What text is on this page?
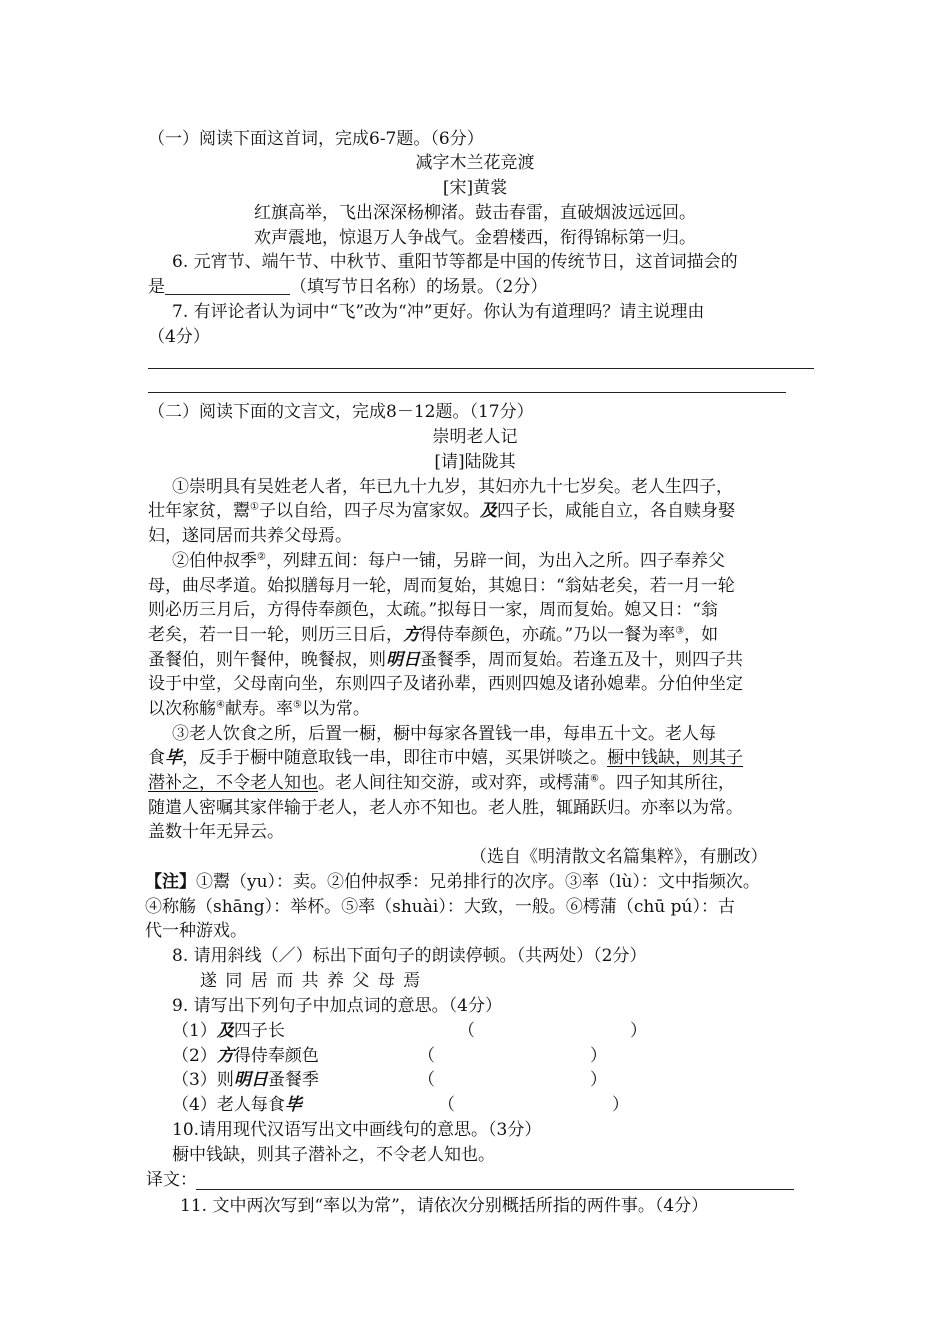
（一）阅读下面这首词，完成6-7题。（6分）
减字木兰花竞渡
[宋]黄裳
红旗高举，飞出深深杨柳渚。鼓击春雷，直破烟波远远回。
欢声震地，惊退万人争战气。金碧楼西，衔得锦标第一归。
6. 元宵节、端午节、中秋节、重阳节等都是中国的传统节日，这首词描会的
是	（填写节日名称）的场景。（2分）
7. 有评论者认为词中“飞”改为“冲”更好。你认为有道理吗？请主说理由
（4分）
（二）阅读下面的文言文，完成8－12题。（17分）
崇明老人记
[请]陆陇其
①崇明具有吴姓老人者，年已九十九岁，其妇亦九十七岁矣。老人生四子，
壮年家贫，鬻①子以自给，四子尽为富家奴。及四子长，咸能自立，各自赎身娶
妇，遂同居而共养父母焉。
②伯仲叔季②，列肆五间：每户一铺，另辟一间，为出入之所。四子奉养父
母，曲尽孝道。始拟膳每月一轮，周而复始，其媳日：“翁姑老矣，若一月一轮
则必历三月后，方得侍奉颜色，太疏。”拟每日一家，周而复始。媳又日：“翁
老矣，若一日一轮，则历三日后，方得侍奉颜色，亦疏。”乃以一餐为率③，如
蚤餐伯，则午餐仲，晚餐叔，则明日蚤餐季，周而复始。若逢五及十，则四子共
设于中堂，父母南向坐，东则四子及诸孙辈，西则四媳及诸孙媳辈。分伯仲坐定
以次称觞④献寿。率⑤以为常。
③老人饮食之所，后置一橱，橱中每家各置钱一串，每串五十文。老人每
食毕，反手于橱中随意取钱一串，即往市中嬉，买果饼啖之。橱中钱缺，则其子
潜补之，不令老人知也。老人间往知交游，或对弈，或樗蒲⑥。四子知其所往，
随遣人密嘱其家伴输于老人，老人亦不知也。老人胜，辄踊跃归。亦率以为常。
盖数十年无异云。
（选自《明清散文名篇集粹》，有删改）
【注】①鬻（yu）：卖。②伯仲叔季：兄弟排行的次序。③率（lù）：文中指频次。
④称觞（shāng）：举杯。⑤率（shuài）：大致，一般。⑥樗蒲（chū pú）：古
代一种游戏。
8. 请用斜线（／）标出下面句子的朗读停顿。（共两处）（2分）
遂 同 居 而 共 养 父 母 焉
9. 请写出下列句子中加点词的意思。（4分）
（1）及四子长	（	）
（2）方得侍奉颜色	（	）
（3）则明日蚤餐季	（	）
（4）老人每食毕	（	）
10.请用现代汉语写出文中画线句的意思。（3分）
橱中钱缺，则其子潜补之，不令老人知也。
译文：
11. 文中两次写到“率以为常”，请依次分别概括所指的两件事。（4分）
